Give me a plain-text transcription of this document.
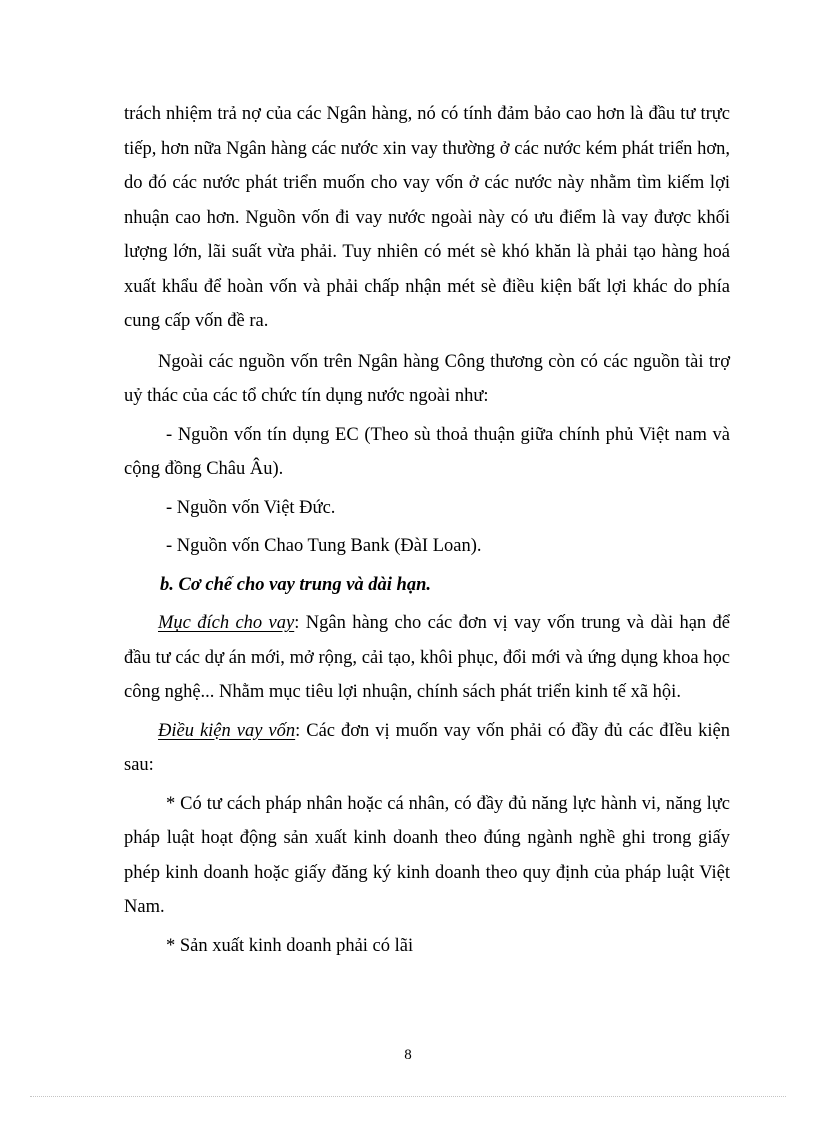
trách nhiệm trả nợ của các Ngân hàng, nó có tính đảm bảo cao hơn là đầu tư trực tiếp, hơn nữa Ngân hàng các nước xin vay thường ở các nước kém phát triển hơn, do đó các nước phát triển muốn cho vay vốn ở các nước này nhằm tìm kiếm lợi nhuận cao hơn. Nguồn vốn đi vay nước ngoài này có ưu điểm là vay được khối lượng lớn, lãi suất vừa phải. Tuy nhiên có mét sè khó khăn là phải tạo hàng hoá xuất khẩu để hoàn vốn và phải chấp nhận mét sè điều kiện bất lợi khác do phía cung cấp vốn đề ra.

Ngoài các nguồn vốn trên Ngân hàng Công thương còn có các nguồn tài trợ uỷ thác của các tổ chức tín dụng nước ngoài như:

- Nguồn vốn tín dụng EC (Theo sù thoả thuận giữa chính phủ Việt nam và cộng đồng Châu Âu).

- Nguồn vốn Việt Đức.

- Nguồn vốn Chao Tung Bank (ĐàI Loan).

b. Cơ chế cho vay trung và dài hạn.

Mục đích cho vay: Ngân hàng cho các đơn vị vay vốn trung và dài hạn để đầu tư các dự án mới, mở rộng, cải tạo, khôi phục, đổi mới và ứng dụng khoa học công nghệ... Nhằm mục tiêu lợi nhuận, chính sách phát triển kinh tế xã hội.

Điều kiện vay vốn: Các đơn vị muốn vay vốn phải có đầy đủ các đIều kiện sau:

* Có tư cách pháp nhân hoặc cá nhân, có đầy đủ năng lực hành vi, năng lực pháp luật hoạt động sản xuất kinh doanh theo đúng ngành nghề ghi trong giấy phép kinh doanh hoặc giấy đăng ký kinh doanh theo quy định của pháp luật Việt Nam.

* Sản xuất kinh doanh phải có lãi

8
